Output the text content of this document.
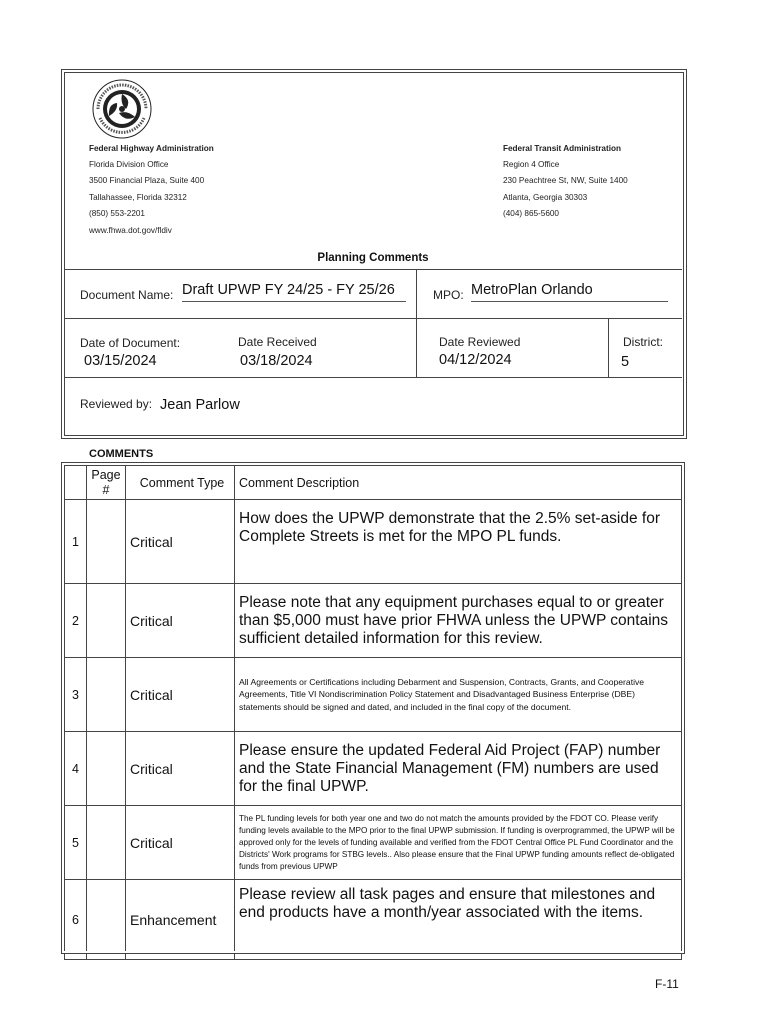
Federal Highway Administration
Florida Division Office
3500 Financial Plaza, Suite 400
Tallahassee, Florida 32312
(850) 553-2201
www.fhwa.dot.gov/fldiv
Federal Transit Administration
Region 4 Office
230 Peachtree St, NW, Suite 1400
Atlanta, Georgia 30303
(404) 865-5600
Planning Comments
Document Name: Draft UPWP FY 24/25 - FY 25/26	MPO: MetroPlan Orlando
Date of Document:
03/15/2024
Date Received
03/18/2024
Date Reviewed
04/12/2024
District:
5
Reviewed by: Jean Parlow
COMMENTS
	Page #	Comment Type	Comment Description
1		Critical	How does the UPWP demonstrate that the 2.5% set-aside for Complete Streets is met for the MPO PL funds.
2		Critical	Please note that any equipment purchases equal to or greater than $5,000 must have prior FHWA unless the UPWP contains sufficient detailed information for this review.
3		Critical	All Agreements or Certifications including Debarment and Suspension, Contracts, Grants, and Cooperative Agreements, Title VI Nondiscrimination Policy Statement and Disadvantaged Business Enterprise (DBE) statements should be signed and dated, and included in the final copy of the document.
4		Critical	Please ensure the updated Federal Aid Project (FAP) number and the State Financial Management (FM) numbers are used for the final UPWP.
5		Critical	The PL funding levels for both year one and two do not match the amounts provided by the FDOT CO. Please verify funding levels available to the MPO prior to the final UPWP submission. If funding is overprogrammed, the UPWP will be approved only for the levels of funding available and verified from the FDOT Central Office PL Fund Coordinator and the Districts' Work programs for STBG levels.. Also please ensure that the Final UPWP funding amounts reflect de-obligated funds from previous UPWP
6		Enhancement	Please review all task pages and ensure that milestones and end products have a month/year associated with the items.
F-11
